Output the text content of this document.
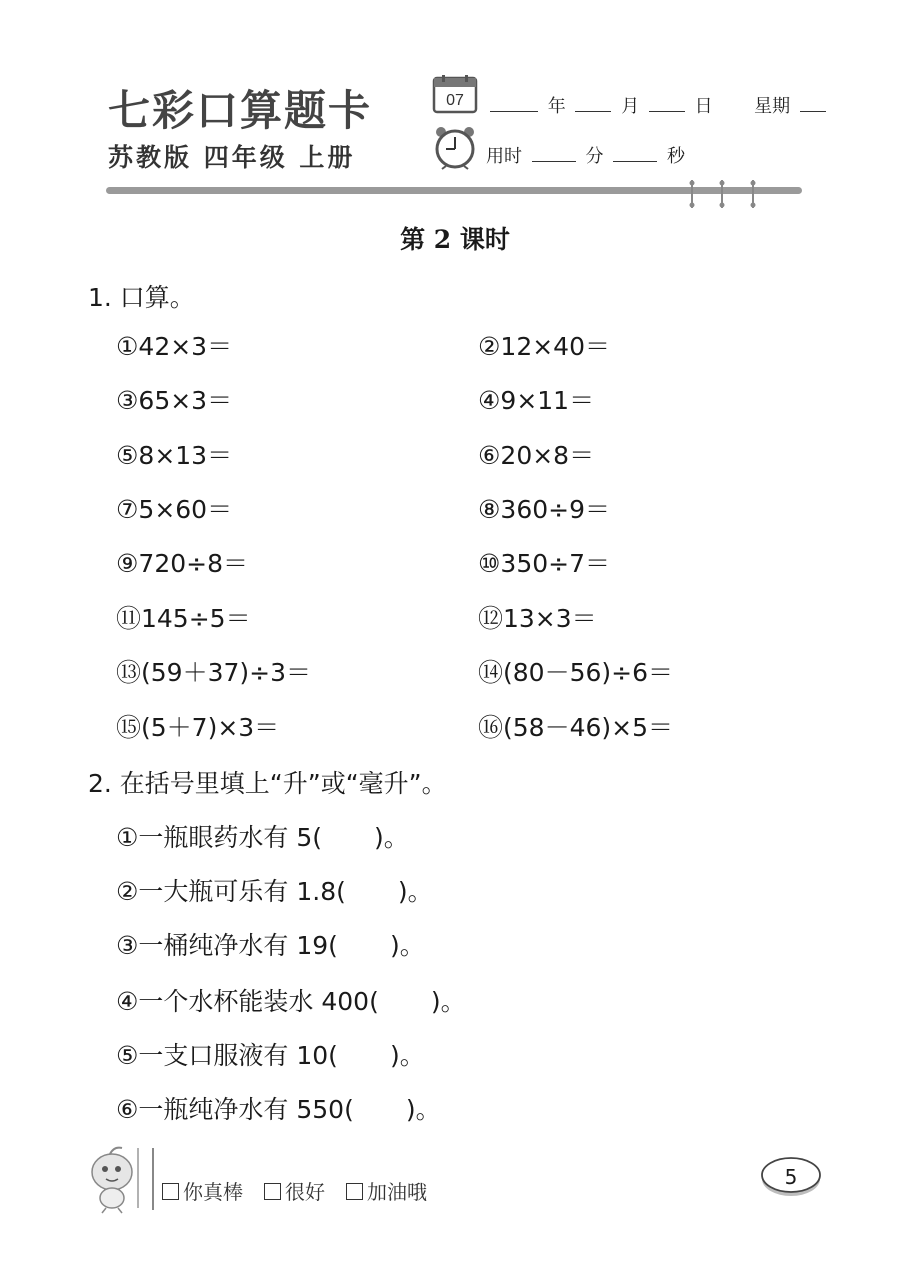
七彩口算题卡
苏教版 四年级 上册
07	年	月	日 星期
用时	分	秒
第 2 课时
1. 口算。
①42×3＝	②12×40＝
③65×3＝	④9×11＝
⑤8×13＝	⑥20×8＝
⑦5×60＝	⑧360÷9＝
⑨720÷8＝	⑩350÷7＝
⑪145÷5＝	⑫13×3＝
⑬(59＋37)÷3＝	⑭(80－56)÷6＝
⑮(5＋7)×3＝	⑯(58－46)×5＝
2. 在括号里填上“升”或“毫升”。
①一瓶眼药水有 5( )。
②一大瓶可乐有 1.8( )。
③一桶纯净水有 19( )。
④一个水杯能装水 400( )。
⑤一支口服液有 10( )。
⑥一瓶纯净水有 550( )。
你真棒	很好	加油哦
5
